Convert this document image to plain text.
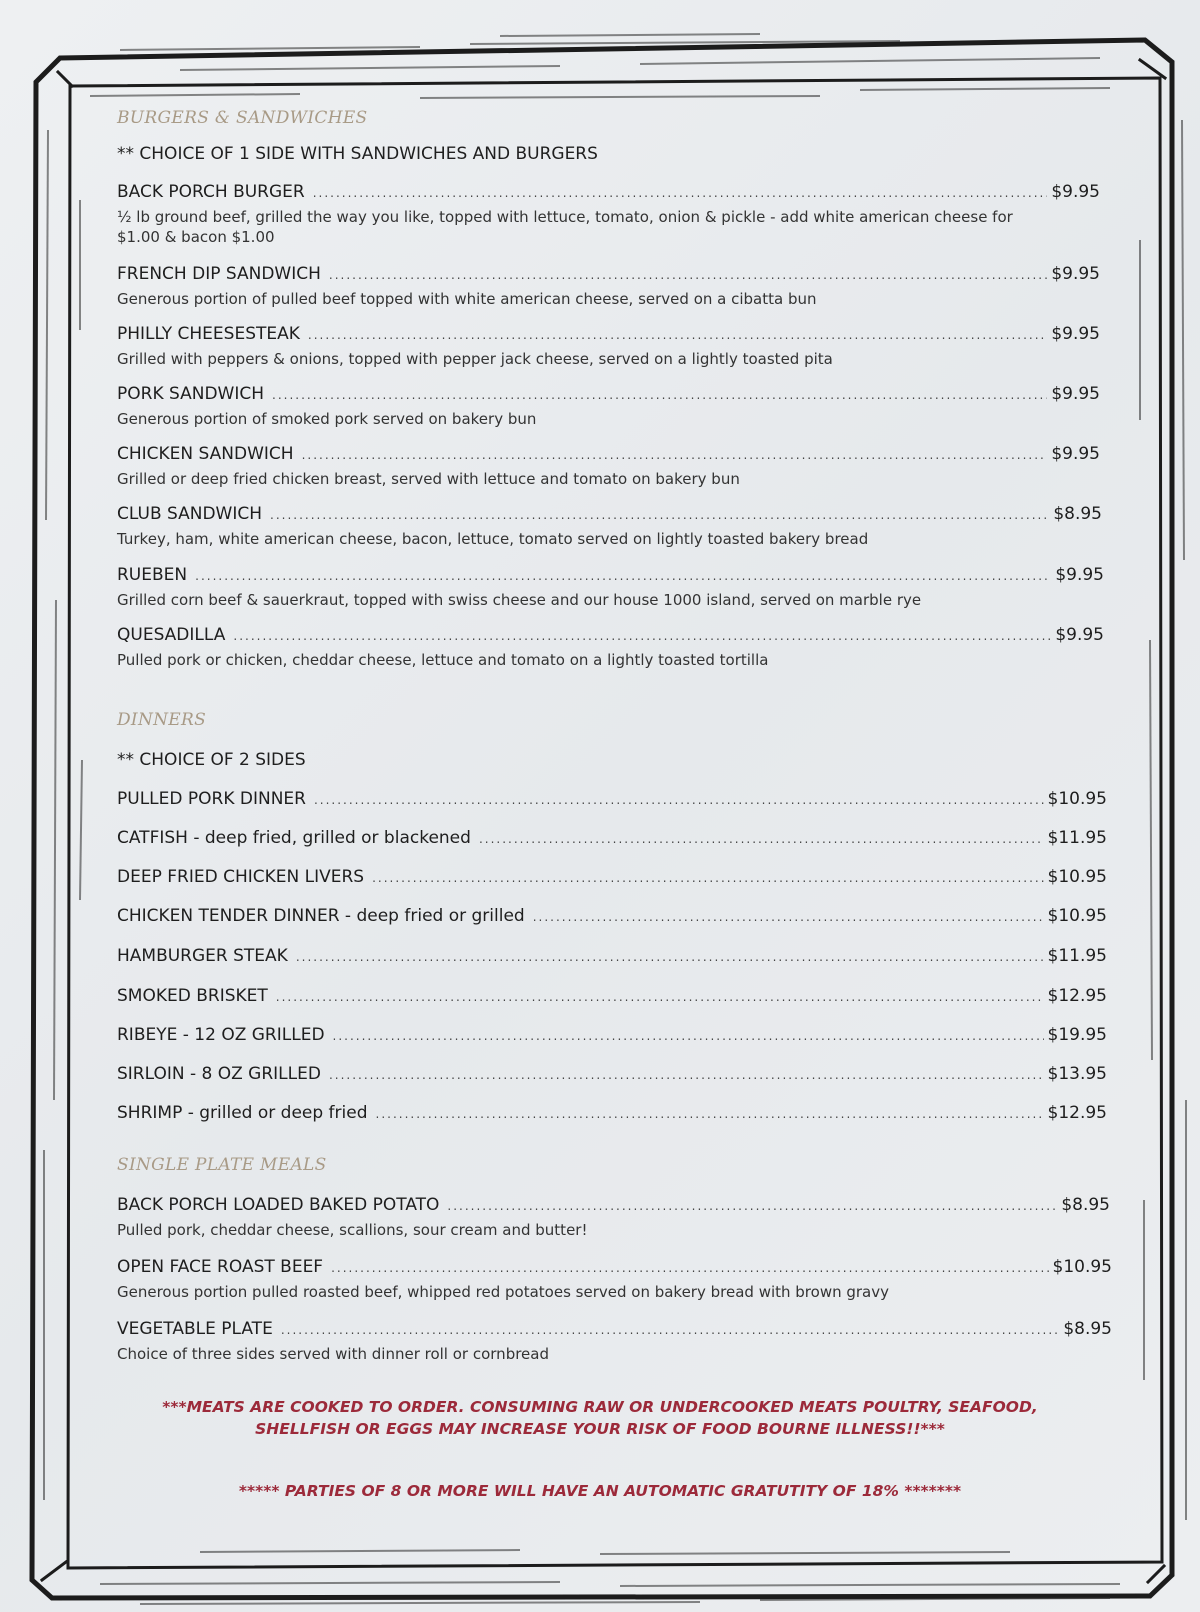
BURGERS & SANDWICHES
** CHOICE OF 1 SIDE WITH SANDWICHES AND BURGERS
BACK PORCH BURGER .....	$9.95
½ lb ground beef, grilled the way you like, topped with lettuce, tomato, onion & pickle - add white american cheese for $1.00 & bacon $1.00
FRENCH DIP SANDWICH .....	$9.95
Generous portion of pulled beef topped with white american cheese, served on a cibatta bun
PHILLY CHEESESTEAK .....	$9.95
Grilled with peppers & onions, topped with pepper jack cheese, served on a lightly toasted pita
PORK SANDWICH .....	$9.95
Generous portion of smoked pork served on bakery bun
CHICKEN SANDWICH .....	$9.95
Grilled or deep fried chicken breast, served with lettuce and tomato on bakery bun
CLUB SANDWICH .....	$8.95
Turkey, ham, white american cheese, bacon, lettuce, tomato served on lightly toasted bakery bread
RUEBEN .....	$9.95
Grilled corn beef & sauerkraut, topped with swiss cheese and our house 1000 island, served on marble rye
QUESADILLA .....	$9.95
Pulled pork or chicken, cheddar cheese, lettuce and tomato on a lightly toasted tortilla
DINNERS
** CHOICE OF 2 SIDES
PULLED PORK DINNER .....	$10.95
CATFISH - deep fried, grilled or blackened .....	$11.95
DEEP FRIED CHICKEN LIVERS .....	$10.95
CHICKEN TENDER DINNER - deep fried or grilled .....	$10.95
HAMBURGER STEAK .....	$11.95
SMOKED BRISKET .....	$12.95
RIBEYE - 12 OZ GRILLED .....	$19.95
SIRLOIN - 8 OZ GRILLED .....	$13.95
SHRIMP - grilled or deep fried .....	$12.95
SINGLE PLATE MEALS
BACK PORCH LOADED BAKED POTATO .....	$8.95
Pulled pork, cheddar cheese, scallions, sour cream and butter!
OPEN FACE ROAST BEEF .....	$10.95
Generous portion pulled roasted beef, whipped red potatoes served on bakery bread with brown gravy
VEGETABLE PLATE .....	$8.95
Choice of three sides served with dinner roll or cornbread
***MEATS ARE COOKED TO ORDER. CONSUMING RAW OR UNDERCOOKED MEATS POULTRY, SEAFOOD,
SHELLFISH OR EGGS MAY INCREASE YOUR RISK OF FOOD BOURNE ILLNESS!!***
***** PARTIES OF 8 OR MORE WILL HAVE AN AUTOMATIC GRATUTITY OF 18% *******
